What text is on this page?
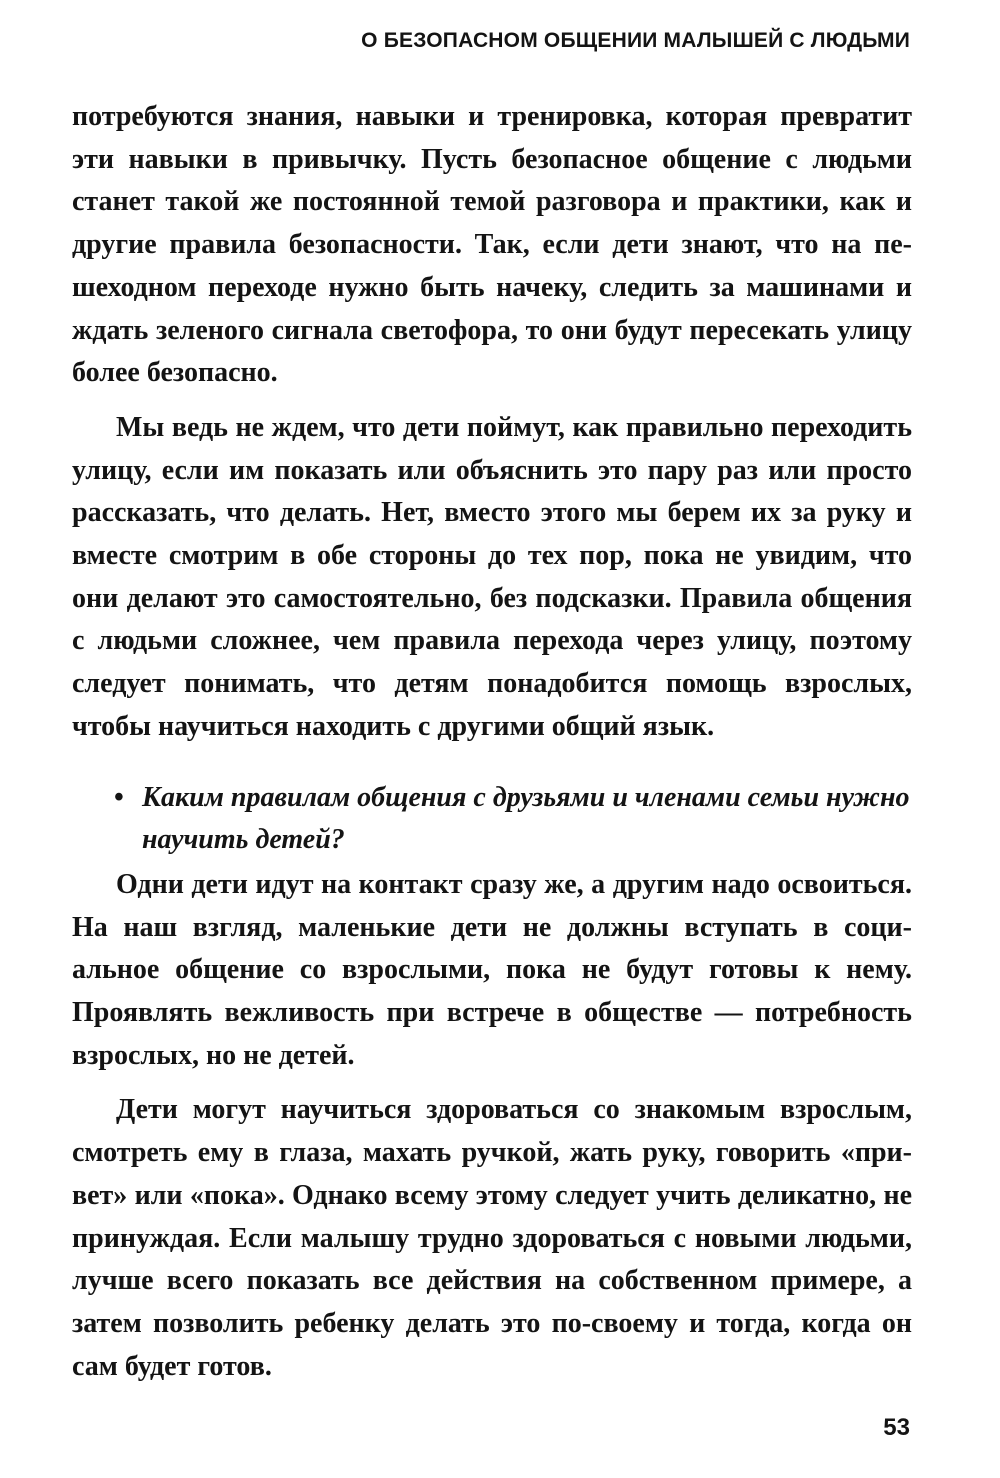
О БЕЗОПАСНОМ ОБЩЕНИИ МАЛЫШЕЙ С ЛЮДЬМИ

потребуются знания, навыки и тренировка, которая превратит эти навыки в привычку. Пусть безопасное общение с людьми станет такой же постоянной темой разговора и практики, как и другие правила безопасности. Так, если дети знают, что на пешеходном переходе нужно быть начеку, следить за машинами и ждать зеленого сигнала светофора, то они будут пересекать улицу более безопасно.

Мы ведь не ждем, что дети поймут, как правильно переходить улицу, если им показать или объяснить это пару раз или просто рассказать, что делать. Нет, вместо этого мы берем их за руку и вместе смотрим в обе стороны до тех пор, пока не увидим, что они делают это самостоятельно, без подсказки. Правила общения с людьми сложнее, чем правила перехода через улицу, поэтому следует понимать, что детям понадобится помощь взрослых, чтобы научиться находить с другими общий язык.

• Каким правилам общения с друзьями и членами семьи нужно научить детей?

Одни дети идут на контакт сразу же, а другим надо освоиться. На наш взгляд, маленькие дети не должны вступать в социальное общение со взрослыми, пока не будут готовы к нему. Проявлять вежливость при встрече в обществе — потребность взрослых, но не детей.

Дети могут научиться здороваться со знакомым взрослым, смотреть ему в глаза, махать ручкой, жать руку, говорить «привет» или «пока». Однако всему этому следует учить деликатно, не принуждая. Если малышу трудно здороваться с новыми людьми, лучше всего показать все действия на собственном примере, а затем позволить ребенку делать это по-своему и тогда, когда он сам будет готов.

53
